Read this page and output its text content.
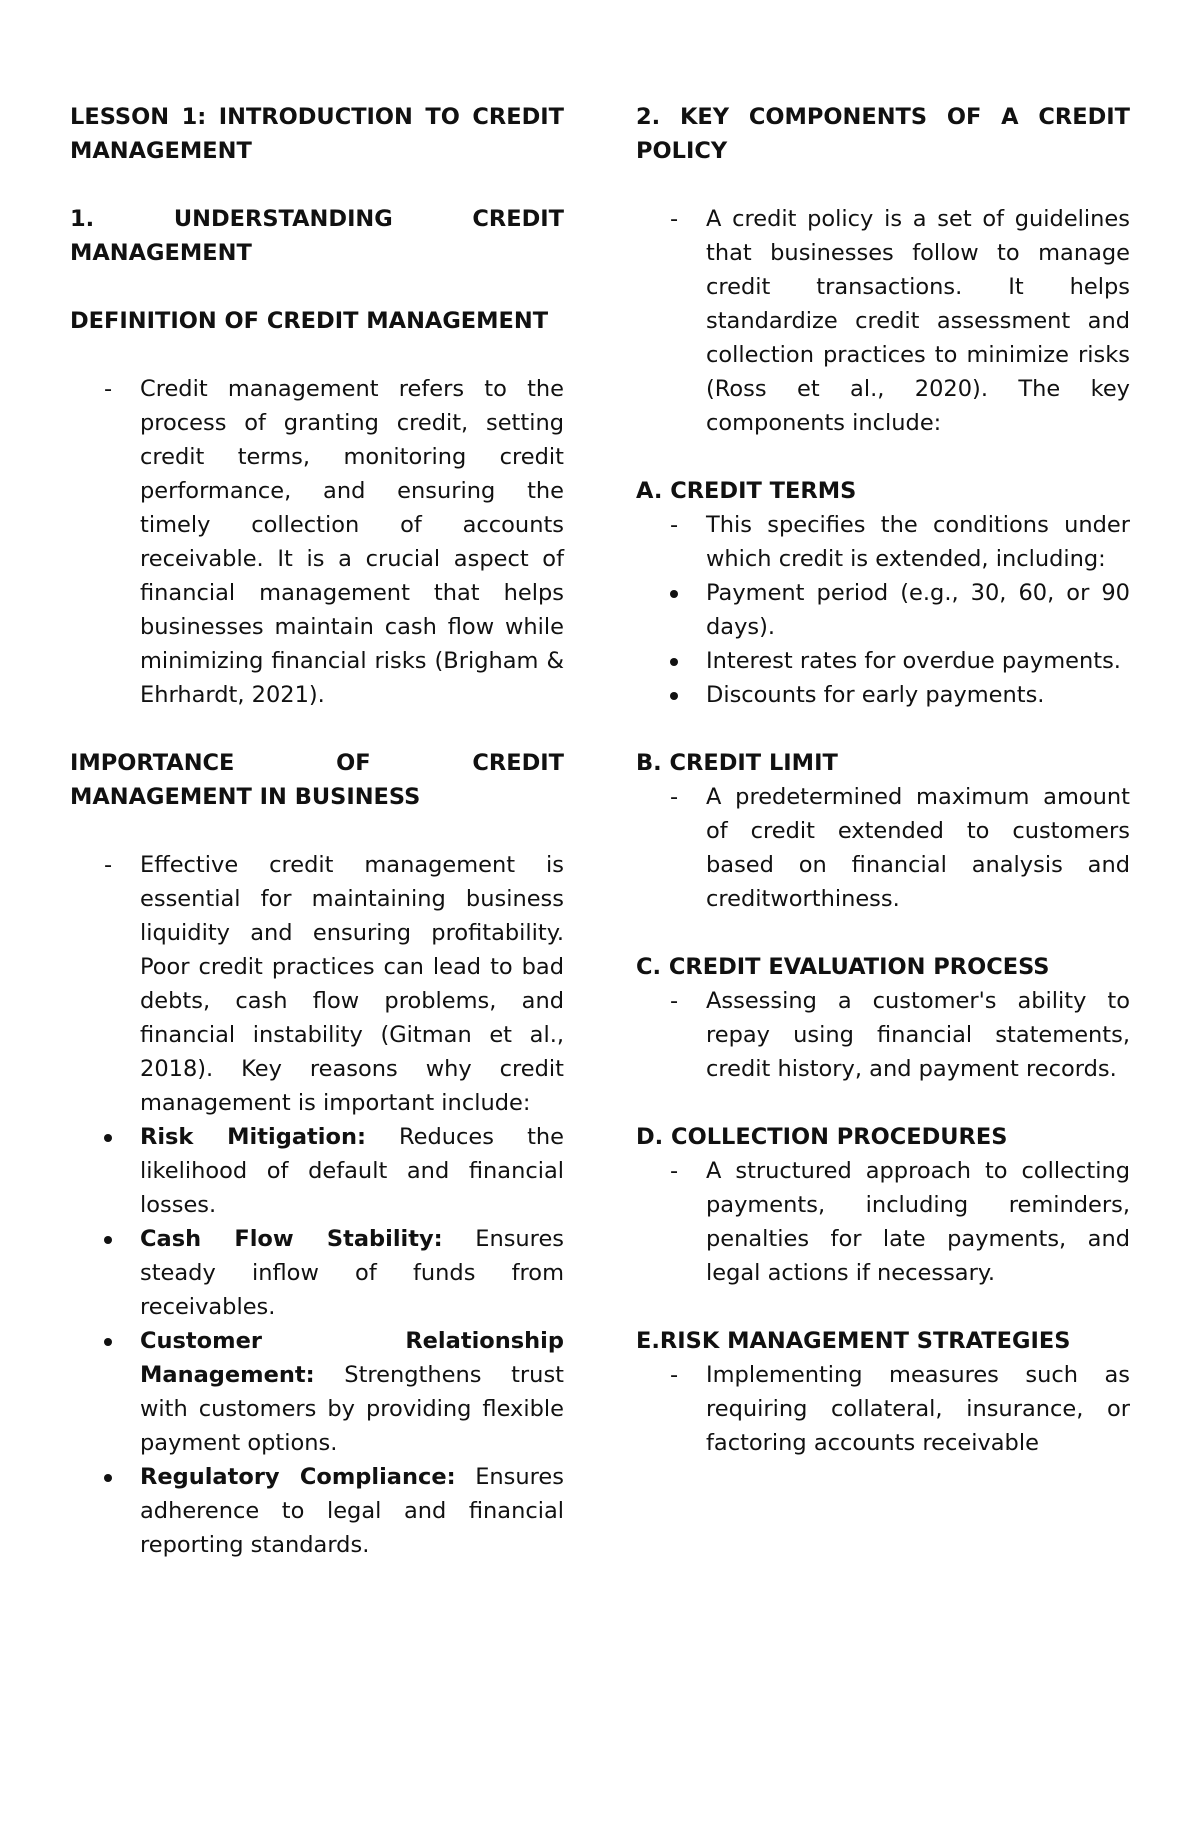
LESSON 1: INTRODUCTION TO CREDIT MANAGEMENT
1. UNDERSTANDING CREDIT MANAGEMENT
DEFINITION OF CREDIT MANAGEMENT
-	Credit management refers to the process of granting credit, setting credit terms, monitoring credit performance, and ensuring the timely collection of accounts receivable. It is a crucial aspect of financial management that helps businesses maintain cash flow while minimizing financial risks (Brigham & Ehrhardt, 2021).
IMPORTANCE OF CREDIT MANAGEMENT IN BUSINESS
-	Effective credit management is essential for maintaining business liquidity and ensuring profitability. Poor credit practices can lead to bad debts, cash flow problems, and financial instability (Gitman et al., 2018). Key reasons why credit management is important include:
Risk Mitigation: Reduces the likelihood of default and financial losses.
Cash Flow Stability: Ensures steady inflow of funds from receivables.
Customer Relationship Management: Strengthens trust with customers by providing flexible payment options.
Regulatory Compliance: Ensures adherence to legal and financial reporting standards.
2. KEY COMPONENTS OF A CREDIT POLICY
-	A credit policy is a set of guidelines that businesses follow to manage credit transactions. It helps standardize credit assessment and collection practices to minimize risks (Ross et al., 2020). The key components include:
A. CREDIT TERMS
-	This specifies the conditions under which credit is extended, including:
Payment period (e.g., 30, 60, or 90 days).
Interest rates for overdue payments.
Discounts for early payments.
B. CREDIT LIMIT
-	A predetermined maximum amount of credit extended to customers based on financial analysis and creditworthiness.
C. CREDIT EVALUATION PROCESS
-	Assessing a customer's ability to repay using financial statements, credit history, and payment records.
D. COLLECTION PROCEDURES
-	A structured approach to collecting payments, including reminders, penalties for late payments, and legal actions if necessary.
E.RISK MANAGEMENT STRATEGIES
-	Implementing measures such as requiring collateral, insurance, or factoring accounts receivable
